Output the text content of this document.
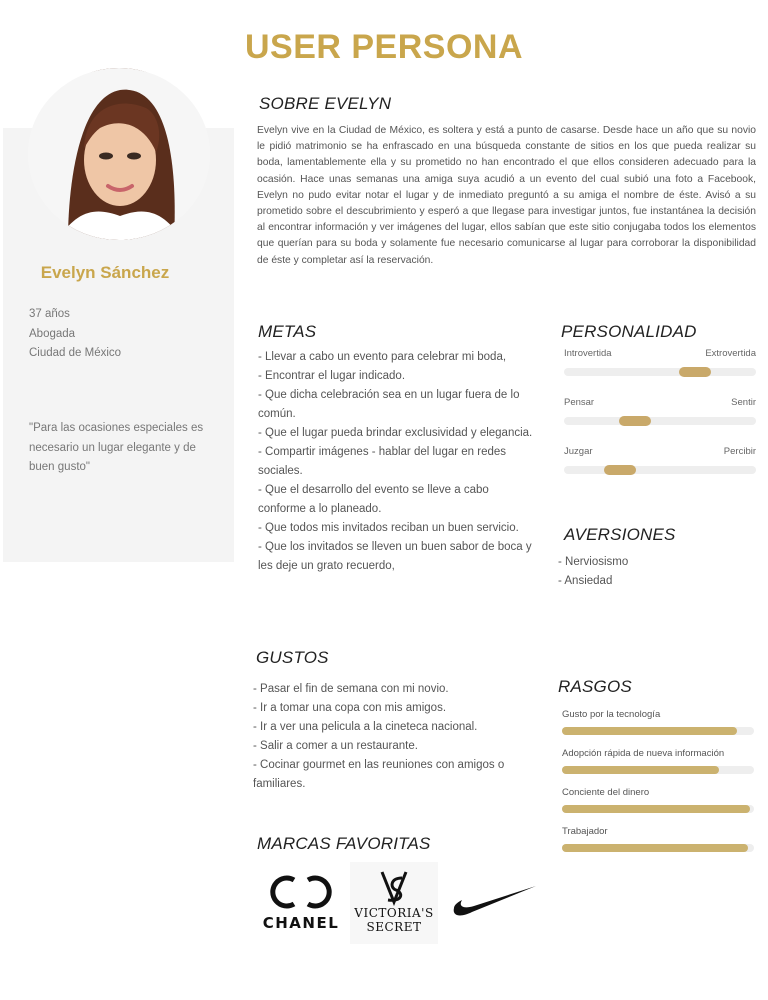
USER PERSONA
Evelyn Sánchez
37 años
Abogada
Ciudad de México
"Para las ocasiones especiales es necesario un lugar elegante y de buen gusto"
SOBRE EVELYN
Evelyn vive en la Ciudad de México, es soltera y está a punto de casarse. Desde hace un año que su novio le pidió matrimonio se ha enfrascado en una búsqueda constante de sitios en los que pueda realizar su boda, lamentablemente ella y su prometido no han encontrado el que ellos consideren adecuado para la ocasión. Hace unas semanas una amiga suya acudió a un evento del cual subió una foto a Facebook, Evelyn no pudo evitar notar el lugar y de inmediato preguntó a su amiga el nombre de éste. Avisó a su prometido sobre el descubrimiento y esperó a que llegase para investigar juntos, fue instantánea la decisión al encontrar información y ver imágenes del lugar, ellos sabían que este sitio conjugaba todos los elementos que querían para su boda y solamente fue necesario comunicarse al lugar para corroborar la disponibilidad de éste y completar así la reservación.
METAS
- Llevar a cabo un evento para celebrar mi boda,
- Encontrar el lugar indicado.
- Que dicha celebración sea en un lugar fuera de lo común.
- Que el lugar pueda brindar exclusividad y elegancia.
- Compartir imágenes - hablar del lugar en redes sociales.
- Que el desarrollo del evento se lleve a cabo conforme a lo planeado.
- Que todos mis invitados reciban un buen servicio.
- Que los invitados se lleven un buen sabor de boca y les deje un grato recuerdo,
PERSONALIDAD
Introvertida	Extrovertida
Pensar	Sentir
Juzgar	Percibir
AVERSIONES
- Nerviosismo
- Ansiedad
GUSTOS
- Pasar el fin de semana con mi novio.
- Ir a tomar una copa con mis amigos.
- Ir a ver una pelicula a la cineteca nacional.
- Salir a comer a un restaurante.
- Cocinar gourmet en las reuniones con amigos o familiares.
RASGOS
Gusto por la tecnología
Adopción rápida de nueva información
Conciente del dinero
Trabajador
MARCAS FAVORITAS
CHANEL
VICTORIA'S
SECRET
